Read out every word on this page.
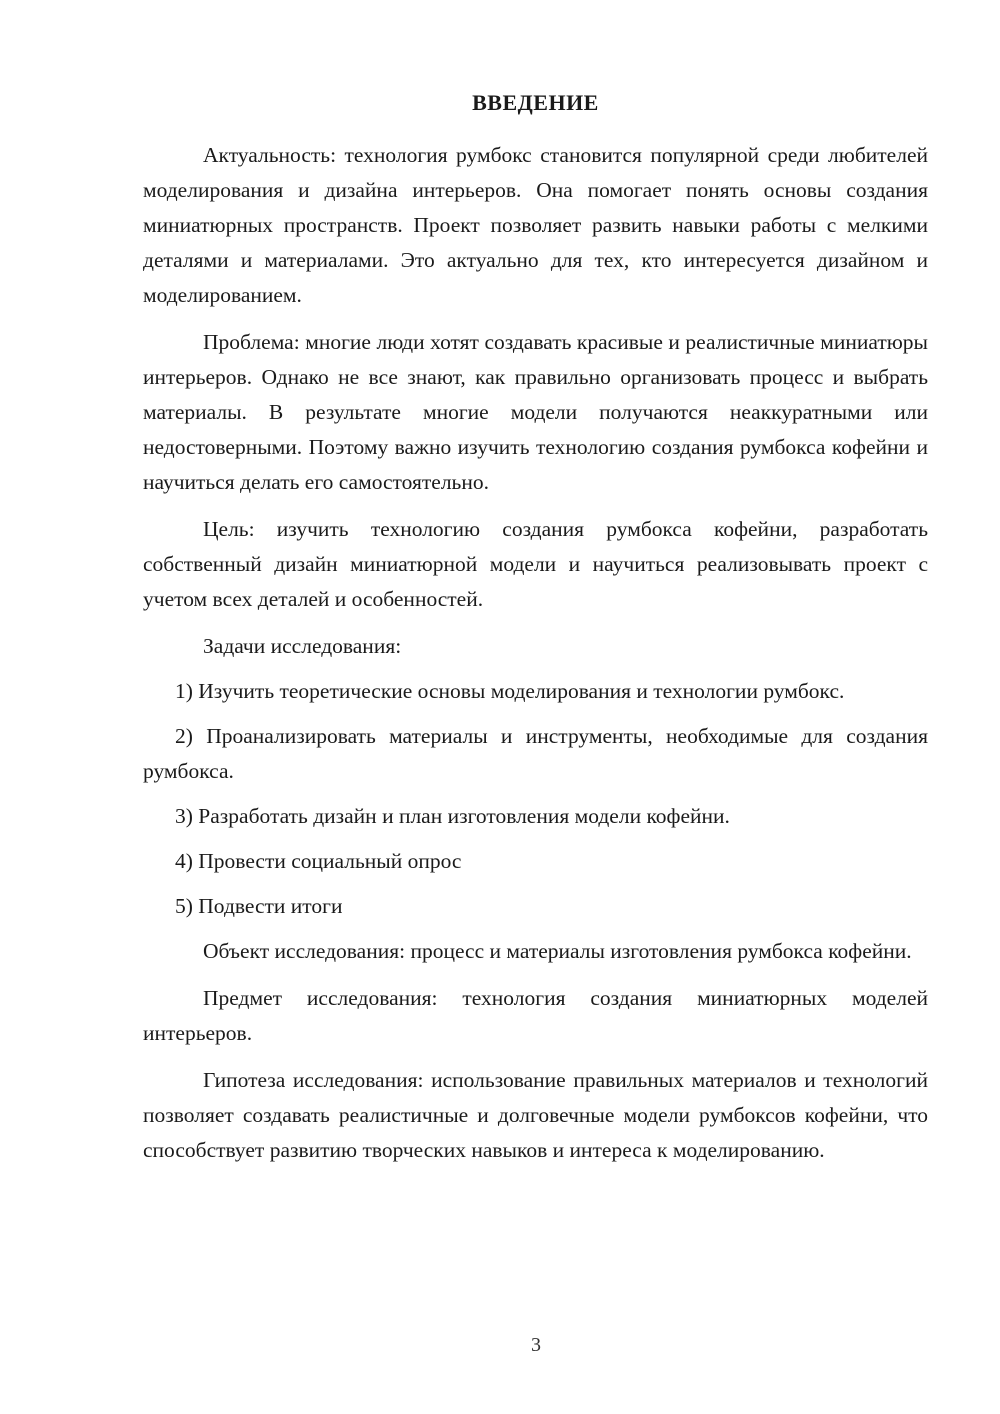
ВВЕДЕНИЕ

Актуальность: технология румбокс становится популярной среди любителей моделирования и дизайна интерьеров. Она помогает понять основы создания миниатюрных пространств. Проект позволяет развить навыки работы с мелкими деталями и материалами. Это актуально для тех, кто интересуется дизайном и моделированием.

Проблема: многие люди хотят создавать красивые и реалистичные миниатюры интерьеров. Однако не все знают, как правильно организовать процесс и выбрать материалы. В результате многие модели получаются неаккуратными или недостоверными. Поэтому важно изучить технологию создания румбокса кофейни и научиться делать его самостоятельно.

Цель: изучить технологию создания румбокса кофейни, разработать собственный дизайн миниатюрной модели и научиться реализовывать проект с учетом всех деталей и особенностей.

Задачи исследования:

1) Изучить теоретические основы моделирования и технологии румбокс.

2) Проанализировать материалы и инструменты, необходимые для создания румбокса.

3) Разработать дизайн и план изготовления модели кофейни.

4) Провести социальный опрос

5) Подвести итоги

Объект исследования: процесс и материалы изготовления румбокса кофейни.

Предмет исследования: технология создания миниатюрных моделей интерьеров.

Гипотеза исследования: использование правильных материалов и технологий позволяет создавать реалистичные и долговечные модели румбоксов кофейни, что способствует развитию творческих навыков и интереса к моделированию.

3
